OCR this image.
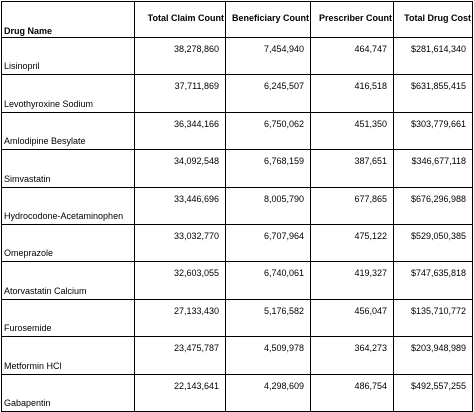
Drug Name	Total Claim Count	Beneficiary Count	Prescriber Count	Total Drug Cost
Lisinopril	38,278,860	7,454,940	464,747	$281,614,340
Levothyroxine Sodium	37,711,869	6,245,507	416,518	$631,855,415
Amlodipine Besylate	36,344,166	6,750,062	451,350	$303,779,661
Simvastatin	34,092,548	6,768,159	387,651	$346,677,118
Hydrocodone-Acetaminophen	33,446,696	8,005,790	677,865	$676,296,988
Omeprazole	33,032,770	6,707,964	475,122	$529,050,385
Atorvastatin Calcium	32,603,055	6,740,061	419,327	$747,635,818
Furosemide	27,133,430	5,176,582	456,047	$135,710,772
Metformin HCl	23,475,787	4,509,978	364,273	$203,948,989
Gabapentin	22,143,641	4,298,609	486,754	$492,557,255
